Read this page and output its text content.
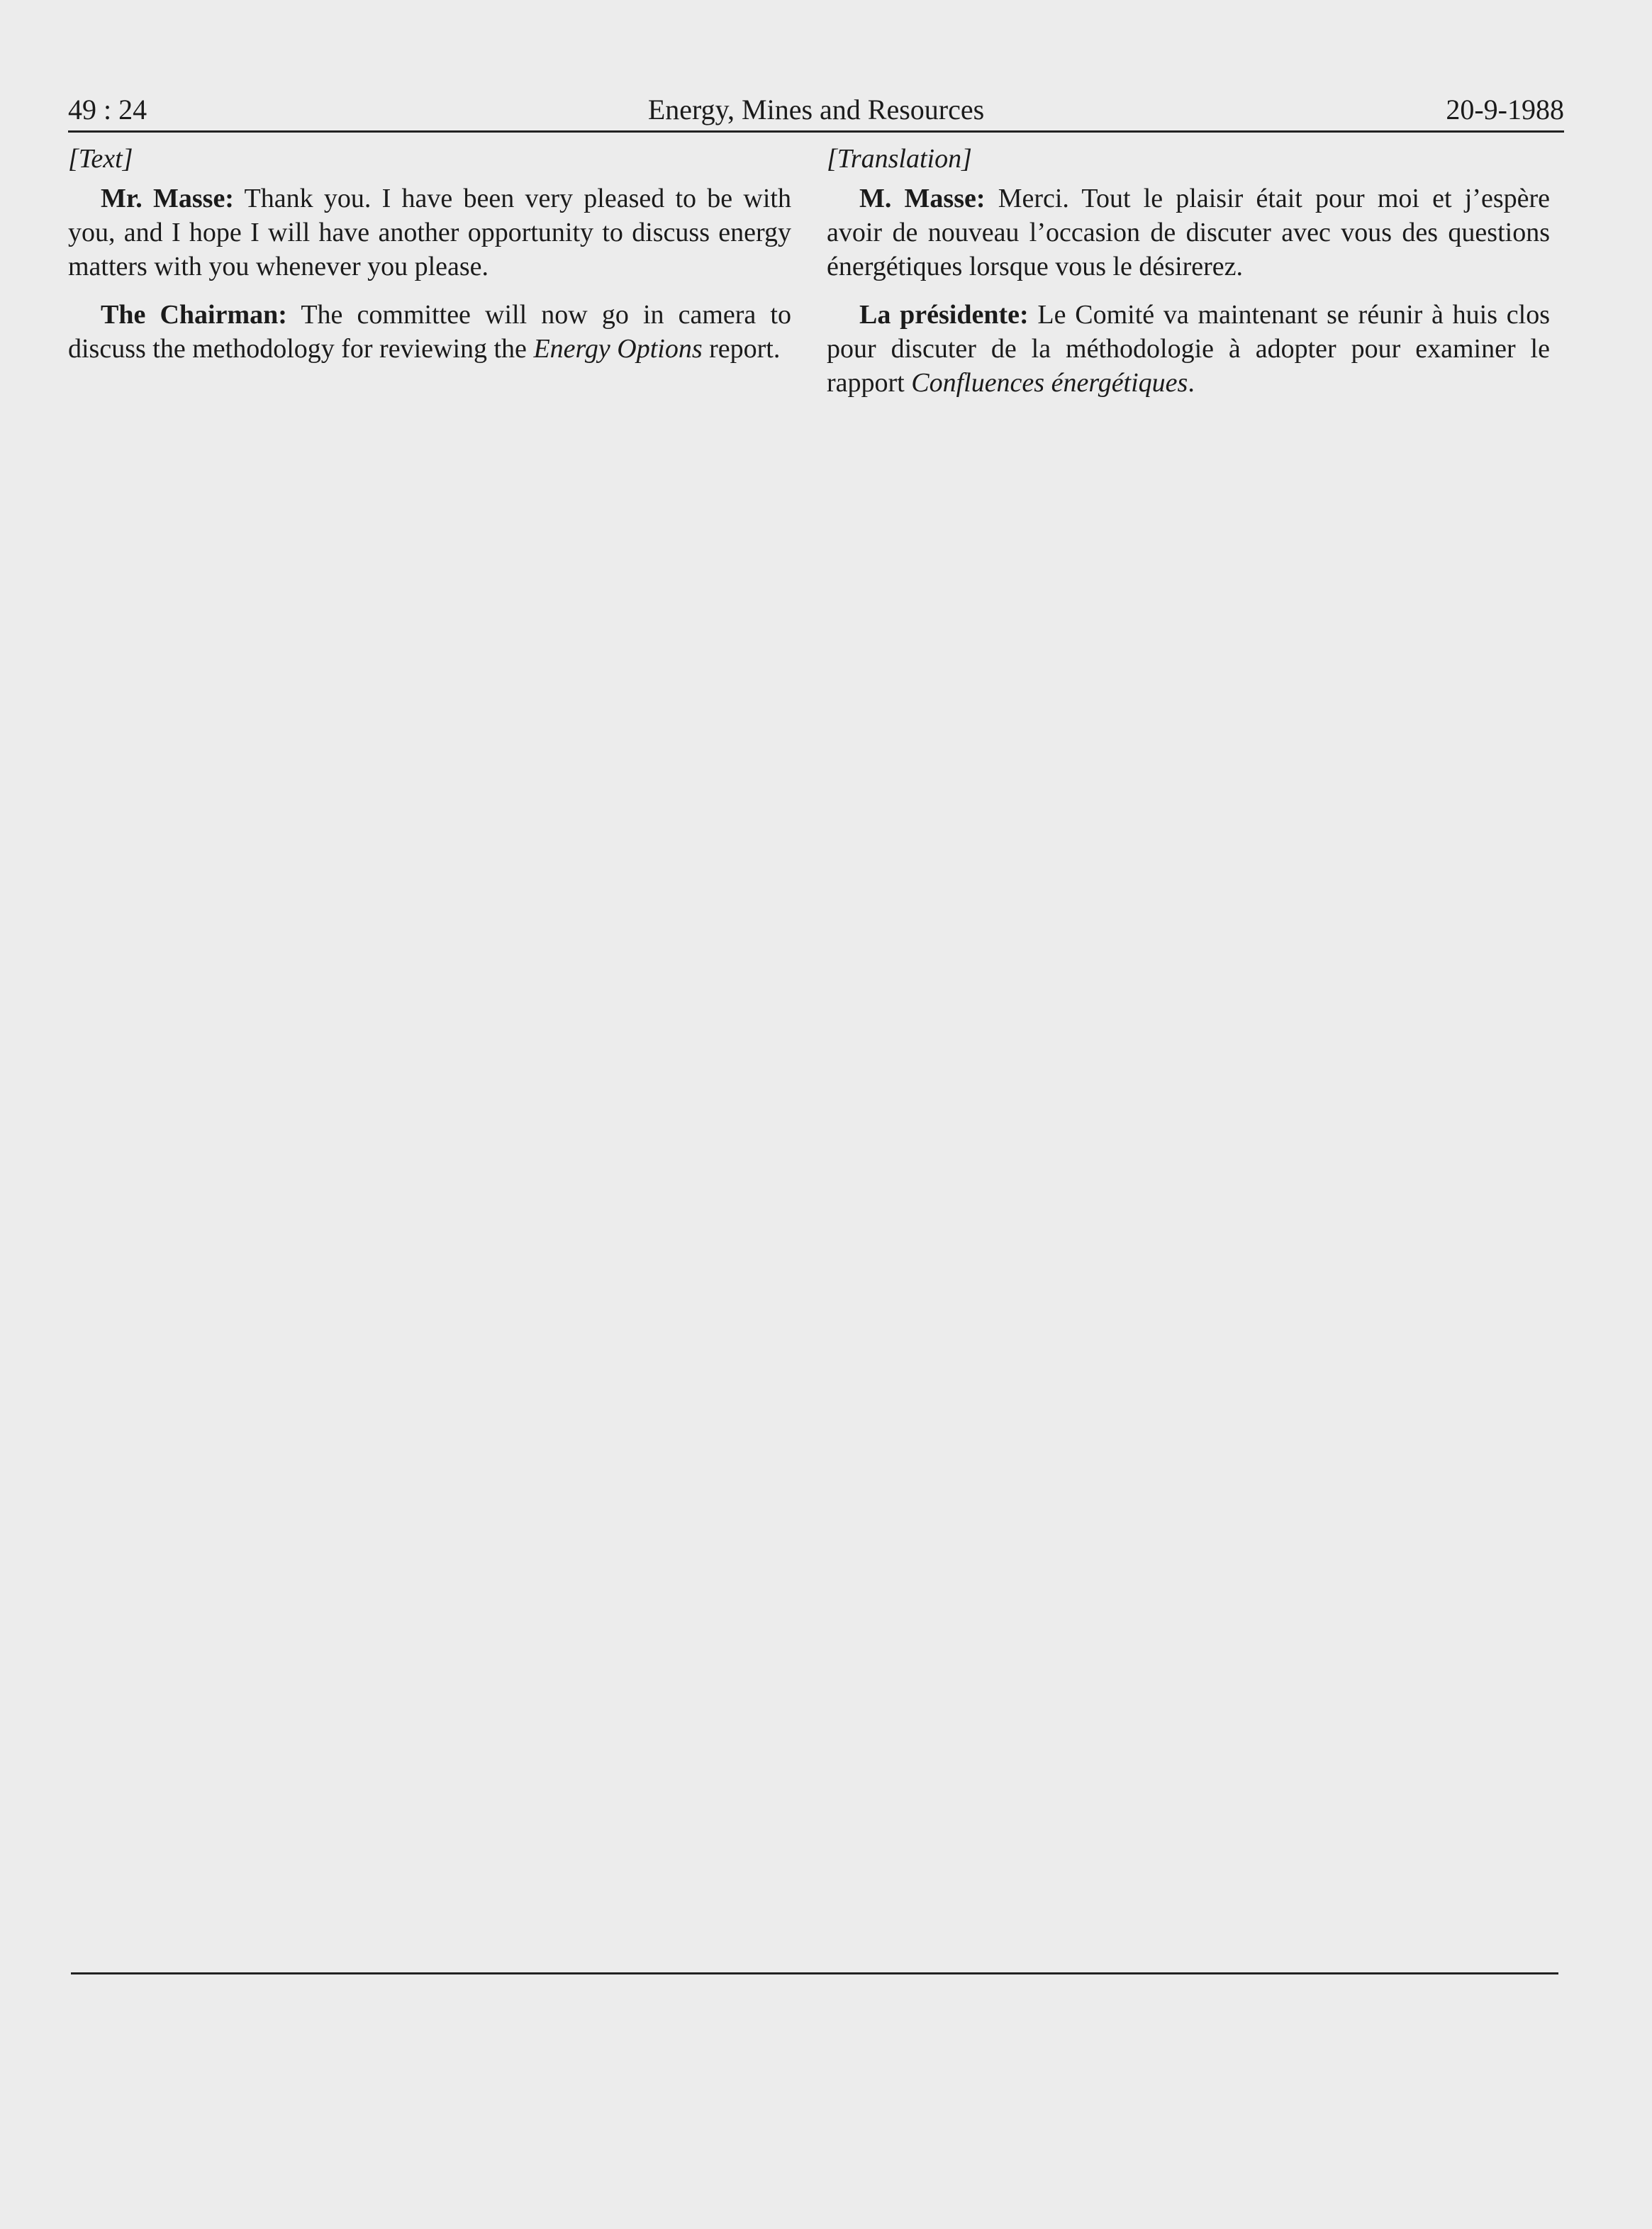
49 : 24	Energy, Mines and Resources	20-9-1988

[Text]

Mr. Masse: Thank you. I have been very pleased to be with you, and I hope I will have another opportunity to discuss energy matters with you whenever you please.

The Chairman: The committee will now go in camera to discuss the methodology for reviewing the Energy Options report.

[Translation]

M. Masse: Merci. Tout le plaisir était pour moi et j’espère avoir de nouveau l’occasion de discuter avec vous des questions énergétiques lorsque vous le désirerez.

La présidente: Le Comité va maintenant se réunir à huis clos pour discuter de la méthodologie à adopter pour examiner le rapport Confluences énergétiques.
